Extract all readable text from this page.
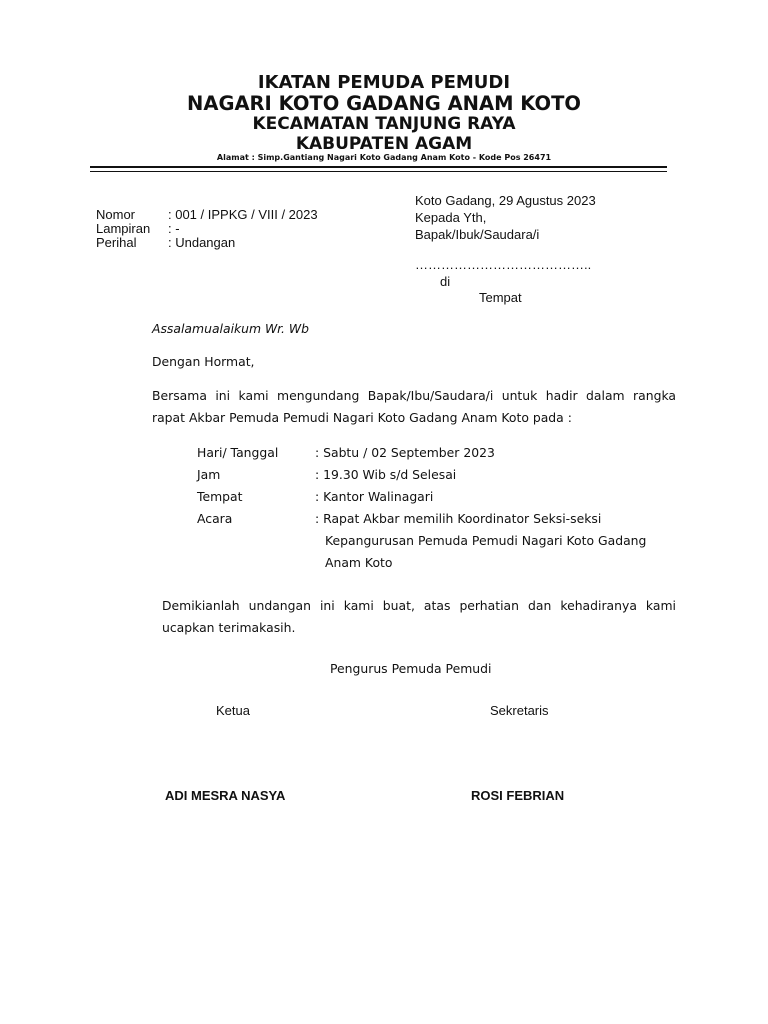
IKATAN PEMUDA PEMUDI
NAGARI KOTO GADANG ANAM KOTO
KECAMATAN TANJUNG RAYA
KABUPATEN AGAM
Alamat : Simp.Gantiang Nagari Koto Gadang Anam Koto - Kode Pos 26471
Nomor	: 001 / IPPKG / VIII / 2023
Lampiran : -
Perihal : Undangan
Koto Gadang, 29 Agustus 2023
Kepada Yth,
Bapak/Ibuk/Saudara/i
…………………………………..
di
Tempat
Assalamualaikum Wr. Wb
Dengan Hormat,
Bersama ini kami mengundang Bapak/Ibu/Saudara/i untuk hadir dalam rangka
rapat Akbar Pemuda Pemudi Nagari Koto Gadang Anam Koto pada :
Hari/ Tanggal	: Sabtu / 02 September 2023
Jam	: 19.30 Wib s/d Selesai
Tempat	: Kantor Walinagari
Acara	: Rapat Akbar memilih Koordinator Seksi-seksi
Kepangurusan Pemuda Pemudi Nagari Koto Gadang
Anam Koto
Demikianlah undangan ini kami buat, atas perhatian dan kehadiranya kami
ucapkan terimakasih.
Pengurus Pemuda Pemudi
Ketua	Sekretaris
ADI MESRA NASYA	ROSI FEBRIAN
